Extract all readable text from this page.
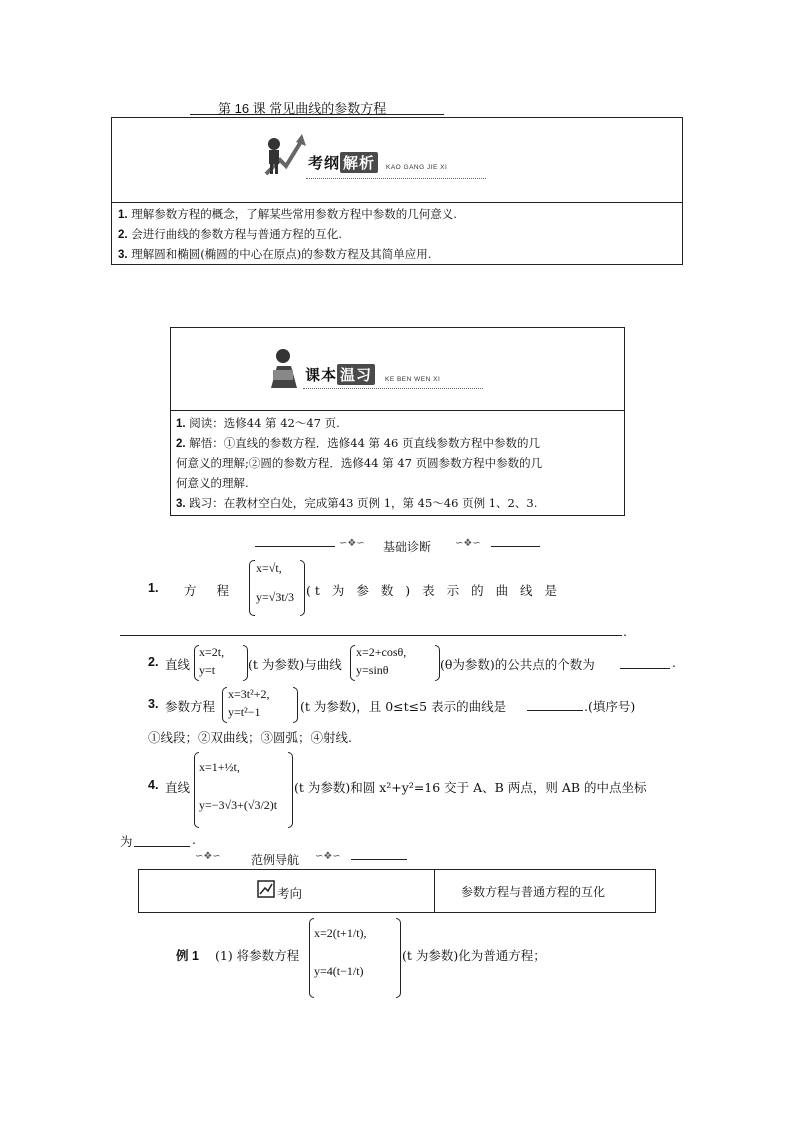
第 16 课 常见曲线的参数方程
考纲 解析	KAO GANG JIE XI
1. 理解参数方程的概念，了解某些常用参数方程中参数的几何意义.
2. 会进行曲线的参数方程与普通方程的互化.
3. 理解圆和椭圆(椭圆的中心在原点)的参数方程及其简单应用.
课本 温习	KE BEN WEN XI
1. 阅读：选修44 第 42～47 页.
2. 解悟：①直线的参数方程．选修44 第 46 页直线参数方程中参数的几
何意义的理解;②圆的参数方程．选修44 第 47 页圆参数方程中参数的几
何意义的理解.
3. 践习：在教材空白处，完成第43 页例 1，第 45～46 页例 1、2、3.
∽❖∽ 基础诊断 ∽❖∽
1. 方 程
x=√t,
y=√3t/3 (t 为 参 数 ) 表 示 的 曲 线 是
.
2. 直线
x=2t,
y=t	(t 为参数)与曲线
x=2+cosθ,
y=sinθ	(θ为参数)的公共点的个数为	.
3. 参数方程
x=3t²+2,
y=t²−1	(t 为参数)，且 0≤t≤5 表示的曲线是	.(填序号)
①线段；②双曲线；③圆弧；④射线.
4. 直线
x=1+½t,
y=−3√3+(√3/2)t
(t 为参数)和圆 x²+y²=16 交于 A、B 两点，则 AB 的中点坐标
为	.
∽❖∽	范例导航 ∽❖∽
考向	参数方程与普通方程的互化
例 1 (1) 将参数方程
x=2(t+1/t),
y=4(t−1/t)
(t 为参数)化为普通方程；
